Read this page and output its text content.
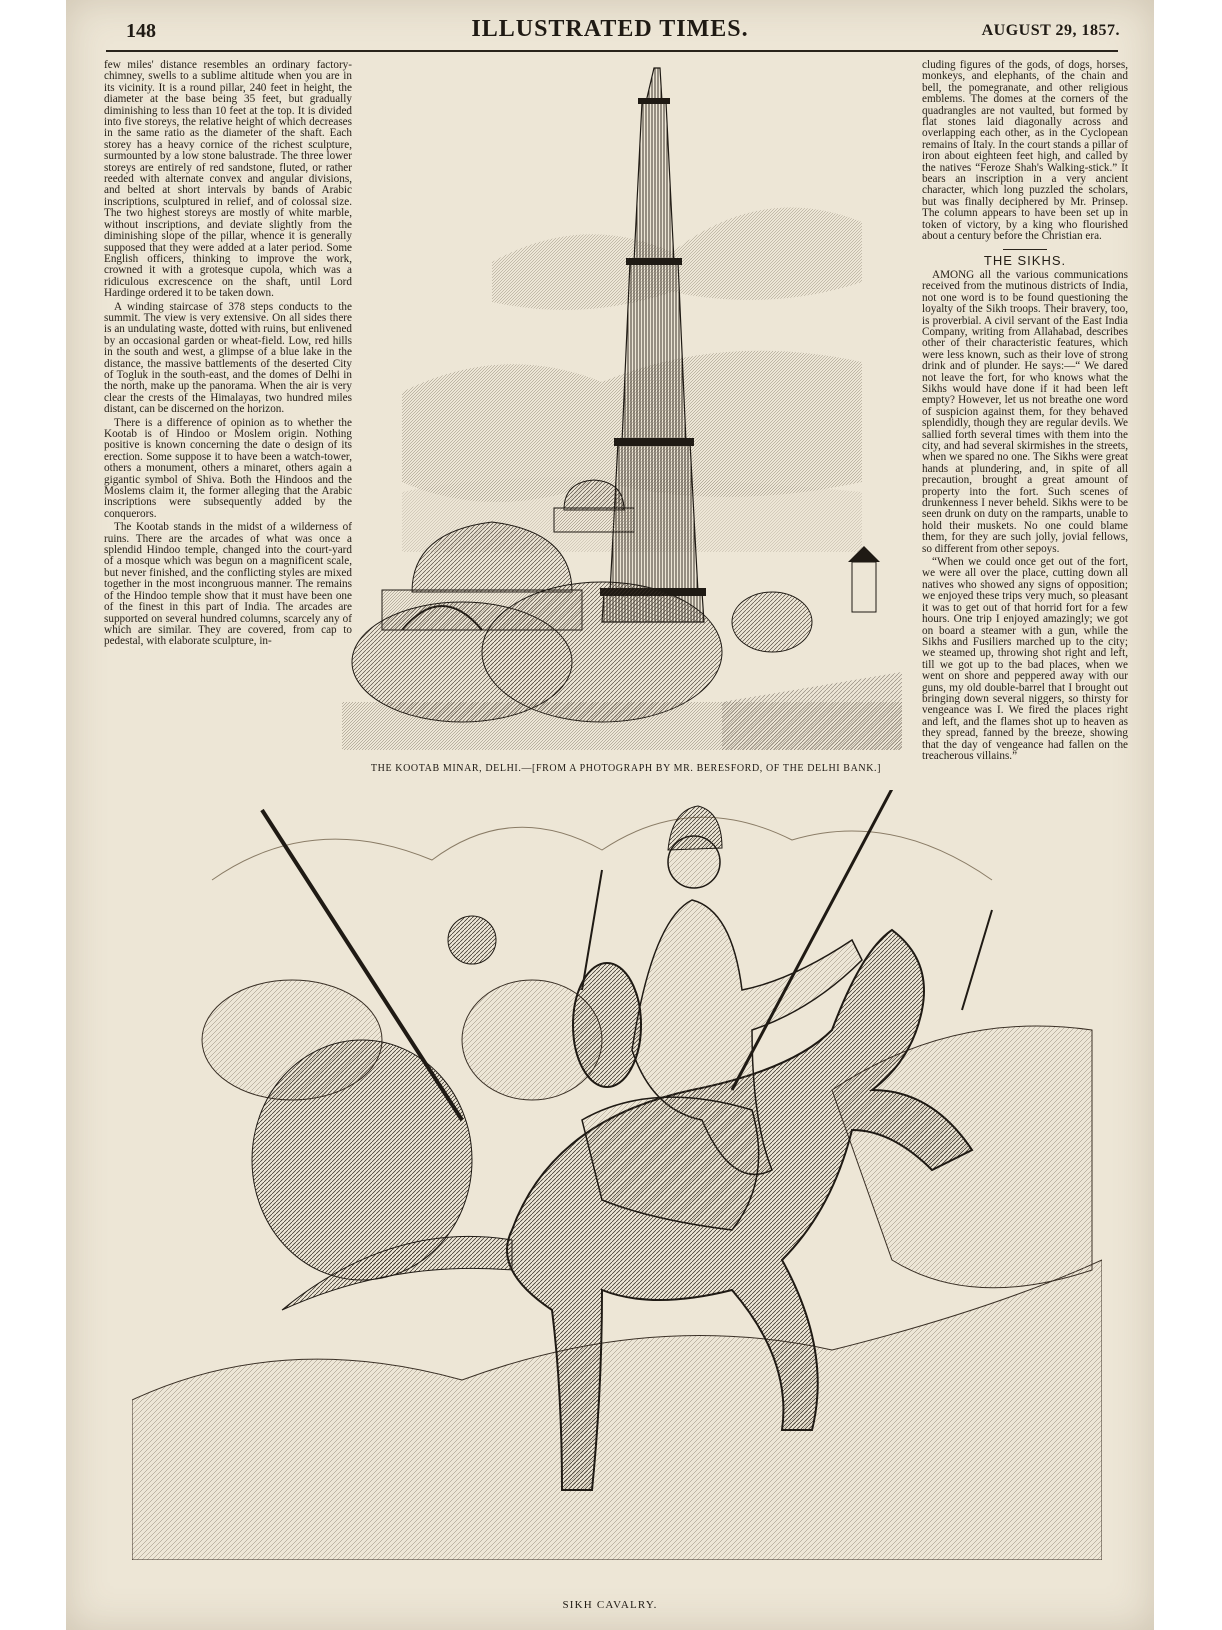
148	ILLUSTRATED TIMES.	AUGUST 29, 1857.

few miles' distance resembles an ordinary factory-chimney, swells to a sublime altitude when you are in its vicinity. It is a round pillar, 240 feet in height, the diameter at the base being 35 feet, but gradually diminishing to less than 10 feet at the top. It is divided into five storeys, the relative height of which decreases in the same ratio as the diameter of the shaft. Each storey has a heavy cornice of the richest sculpture, surmounted by a low stone balustrade. The three lower storeys are entirely of red sandstone, fluted, or rather reeded with alternate convex and angular divisions, and belted at short intervals by bands of Arabic inscriptions, sculptured in relief, and of colossal size. The two highest storeys are mostly of white marble, without inscriptions, and deviate slightly from the diminishing slope of the pillar, whence it is generally supposed that they were added at a later period. Some English officers, thinking to improve the work, crowned it with a grotesque cupola, which was a ridiculous excrescence on the shaft, until Lord Hardinge ordered it to be taken down.

A winding staircase of 378 steps conducts to the summit. The view is very extensive. On all sides there is an undulating waste, dotted with ruins, but enlivened by an occasional garden or wheat-field. Low, red hills in the south and west, a glimpse of a blue lake in the distance, the massive battlements of the deserted City of Togluk in the south-east, and the domes of Delhi in the north, make up the panorama. When the air is very clear the crests of the Himalayas, two hundred miles distant, can be discerned on the horizon.

There is a difference of opinion as to whether the Kootab is of Hindoo or Moslem origin. Nothing positive is known concerning the date o design of its erection. Some suppose it to have been a watch-tower, others a monument, others a minaret, others again a gigantic symbol of Shiva. Both the Hindoos and the Moslems claim it, the former alleging that the Arabic inscriptions were subsequently added by the conquerors.

The Kootab stands in the midst of a wilderness of ruins. There are the arcades of what was once a splendid Hindoo temple, changed into the court-yard of a mosque which was begun on a magnificent scale, but never finished, and the conflicting styles are mixed together in the most incongruous manner. The remains of the Hindoo temple show that it must have been one of the finest in this part of India. The arcades are supported on several hundred columns, scarcely any of which are similar. They are covered, from cap to pedestal, with elaborate sculpture, in-

THE KOOTAB MINAR, DELHI.—[FROM A PHOTOGRAPH BY MR. BERESFORD, OF THE DELHI BANK.]

cluding figures of the gods, of dogs, horses, monkeys, and elephants, of the chain and bell, the pomegranate, and other religious emblems. The domes at the corners of the quadrangles are not vaulted, but formed by flat stones laid diagonally across and overlapping each other, as in the Cyclopean remains of Italy. In the court stands a pillar of iron about eighteen feet high, and called by the natives “Feroze Shah's Walking-stick.” It bears an inscription in a very ancient character, which long puzzled the scholars, but was finally deciphered by Mr. Prinsep. The column appears to have been set up in token of victory, by a king who flourished about a century before the Christian era.

THE SIKHS.

AMONG all the various communications received from the mutinous districts of India, not one word is to be found questioning the loyalty of the Sikh troops. Their bravery, too, is proverbial. A civil servant of the East India Company, writing from Allahabad, describes other of their characteristic features, which were less known, such as their love of strong drink and of plunder. He says:—“ We dared not leave the fort, for who knows what the Sikhs would have done if it had been left empty? However, let us not breathe one word of suspicion against them, for they behaved splendidly, though they are regular devils. We sallied forth several times with them into the city, and had several skirmishes in the streets, when we spared no one. The Sikhs were great hands at plundering, and, in spite of all precaution, brought a great amount of property into the fort. Such scenes of drunkenness I never beheld. Sikhs were to be seen drunk on duty on the ramparts, unable to hold their muskets. No one could blame them, for they are such jolly, jovial fellows, so different from other sepoys.

“When we could once get out of the fort, we were all over the place, cutting down all natives who showed any signs of opposition; we enjoyed these trips very much, so pleasant it was to get out of that horrid fort for a few hours. One trip I enjoyed amazingly; we got on board a steamer with a gun, while the Sikhs and Fusiliers marched up to the city; we steamed up, throwing shot right and left, till we got up to the bad places, when we went on shore and peppered away with our guns, my old double-barrel that I brought out bringing down several niggers, so thirsty for vengeance was I. We fired the places right and left, and the flames shot up to heaven as they spread, fanned by the breeze, showing that the day of vengeance had fallen on the treacherous villains.”

SIKH CAVALRY.
